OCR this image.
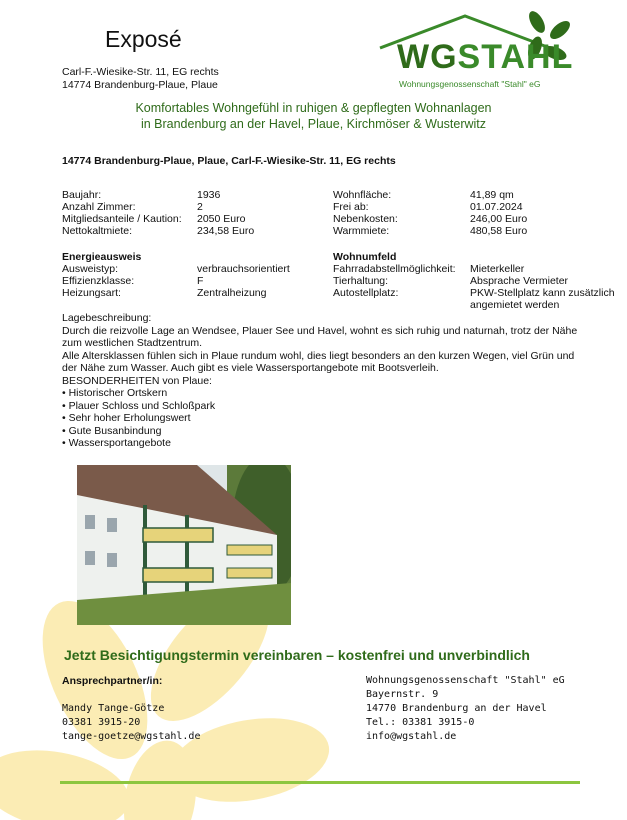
Exposé
Carl-F.-Wiesike-Str. 11, EG rechts
14774 Brandenburg-Plaue, Plaue
WGSTAHL
Wohnungsgenossenschaft "Stahl" eG
Komfortables Wohngefühl in ruhigen & gepflegten Wohnanlagen
in Brandenburg an der Havel, Plaue, Kirchmöser & Wusterwitz
14774 Brandenburg-Plaue, Plaue, Carl-F.-Wiesike-Str. 11, EG rechts
Baujahr:	1936
Anzahl Zimmer:	2
Mitgliedsanteile / Kaution: 2050 Euro
Nettokaltmiete:	234,58 Euro
Wohnfläche:	41,89 qm
Frei ab:	01.07.2024
Nebenkosten:	246,00 Euro
Warmmiete:	480,58 Euro
Energieausweis
Ausweistyp:	verbrauchsorientiert
Effizienzklasse:	F
Heizungsart:	Zentralheizung
Wohnumfeld
Fahrradabstellmöglichkeit: Mieterkeller
Tierhaltung:	Absprache Vermieter
Autostellplatz:	PKW-Stellplatz kann zusätzlich
angemietet werden

Lagebeschreibung:

Durch die reizvolle Lage an Wendsee, Plauer See und Havel, wohnt es sich ruhig und naturnah, trotz der Nähe zum westlichen Stadtzentrum.

Alle Altersklassen fühlen sich in Plaue rundum wohl, dies liegt besonders an den kurzen Wegen, viel Grün und der Nähe zum Wasser. Auch gibt es viele Wassersportangebote mit Bootsverleih.

BESONDERHEITEN von Plaue:

• Historischer Ortskern

• Plauer Schloss und Schloßpark

• Sehr hoher Erholungswert

• Gute Busanbindung

• Wassersportangebote

Jetzt Besichtigungstermin vereinbaren – kostenfrei und unverbindlich
Ansprechpartner/in:
Mandy Tange-Götze
03381 3915-20
tange-goetze@wgstahl.de
Wohnungsgenossenschaft "Stahl" eG
Bayernstr. 9
14770 Brandenburg an der Havel
Tel.: 03381 3915-0
info@wgstahl.de
